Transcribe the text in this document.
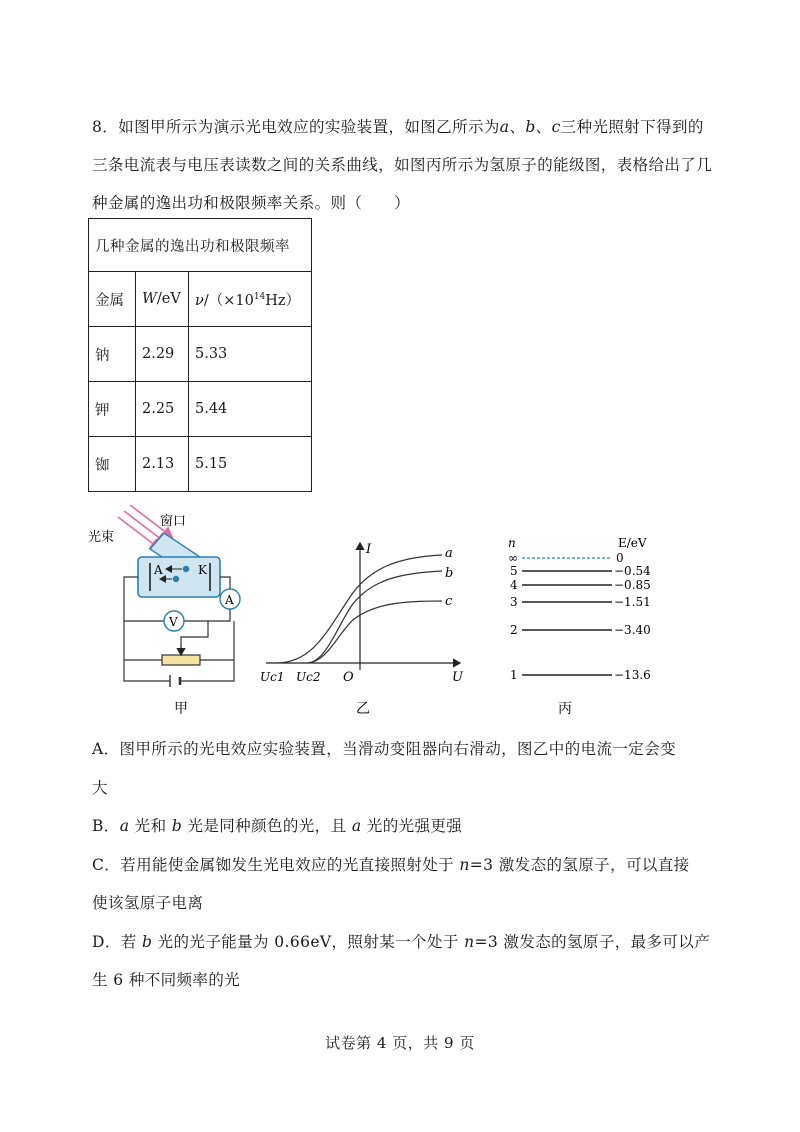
8．如图甲所示为演示光电效应的实验装置，如图乙所示为a、b、c三种光照射下得到的

三条电流表与电压表读数之间的关系曲线，如图丙所示为氢原子的能级图，表格给出了几

种金属的逸出功和极限频率关系。则（　　）

几种金属的逸出功和极限频率		
金属	W/eV	$\nu/(\times 10^{14}Hz)$
钠	2.29	5.33
钾	2.25	5.44
铷	2.13	5.15
光束
窗口
A	K
A
V
甲
I
U
O
Uc1 Uc2
a
b
c
乙
n	E/eV
∞	0
5	−0.54
4	−0.85
3	−1.51
2	−3.40
1	−13.6
丙

A．图甲所示的光电效应实验装置，当滑动变阻器向右滑动，图乙中的电流一定会变

大

B．a 光和 b 光是同种颜色的光，且 a 光的光强更强

C．若用能使金属铷发生光电效应的光直接照射处于 n=3 激发态的氢原子，可以直接

使该氢原子电离

D．若 b 光的光子能量为 0.66eV，照射某一个处于 n=3 激发态的氢原子，最多可以产

生 6 种不同频率的光

试卷第 4 页，共 9 页
